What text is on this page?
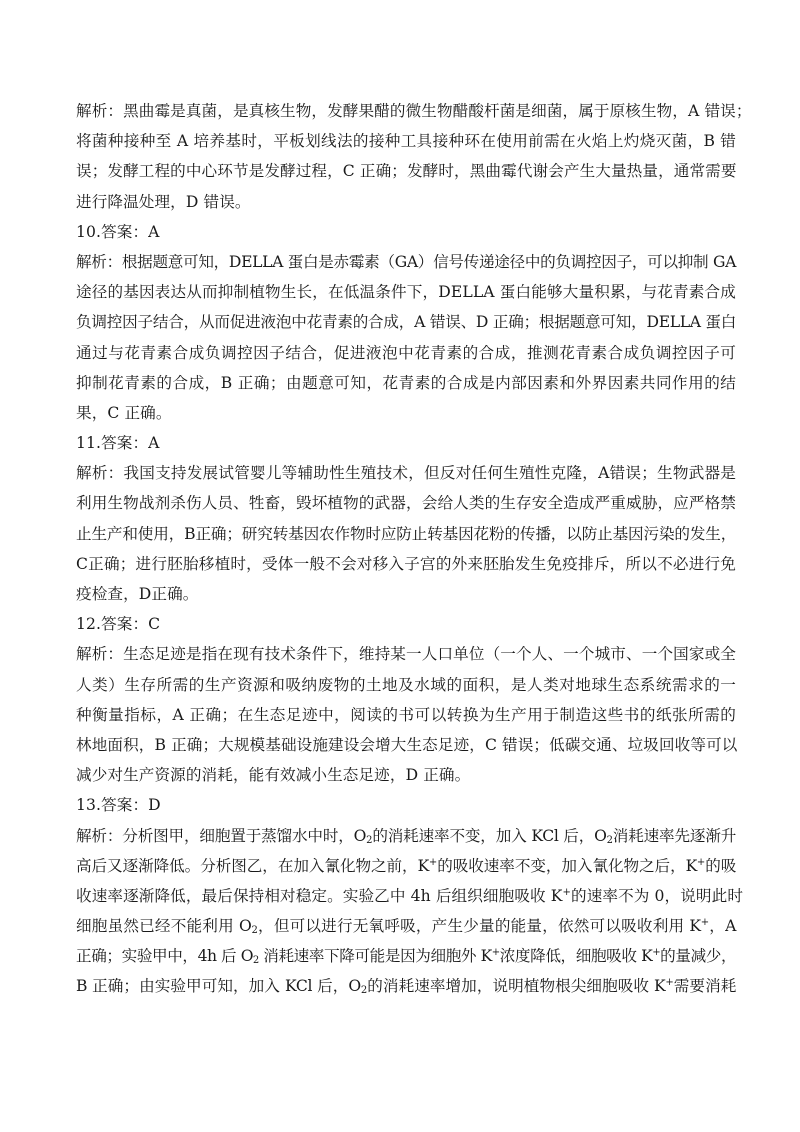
解析：黑曲霉是真菌，是真核生物，发酵果醋的微生物醋酸杆菌是细菌，属于原核生物，A 错误；
将菌种接种至 A 培养基时，平板划线法的接种工具接种环在使用前需在火焰上灼烧灭菌，B 错
误；发酵工程的中心环节是发酵过程，C 正确；发酵时，黑曲霉代谢会产生大量热量，通常需要
进行降温处理，D 错误。
10.答案：A
解析：根据题意可知，DELLA 蛋白是赤霉素（GA）信号传递途径中的负调控因子，可以抑制 GA
途径的基因表达从而抑制植物生长，在低温条件下，DELLA 蛋白能够大量积累，与花青素合成
负调控因子结合，从而促进液泡中花青素的合成，A 错误、D 正确；根据题意可知，DELLA 蛋白
通过与花青素合成负调控因子结合，促进液泡中花青素的合成，推测花青素合成负调控因子可
抑制花青素的合成，B 正确；由题意可知，花青素的合成是内部因素和外界因素共同作用的结
果，C 正确。
11.答案：A
解析：我国支持发展试管婴儿等辅助性生殖技术，但反对任何生殖性克隆，A错误；生物武器是
利用生物战剂杀伤人员、牲畜，毁坏植物的武器，会给人类的生存安全造成严重威胁，应严格禁
止生产和使用，B正确；研究转基因农作物时应防止转基因花粉的传播，以防止基因污染的发生，
C正确；进行胚胎移植时，受体一般不会对移入子宫的外来胚胎发生免疫排斥，所以不必进行免
疫检查，D正确。
12.答案：C
解析：生态足迹是指在现有技术条件下，维持某一人口单位（一个人、一个城市、一个国家或全
人类）生存所需的生产资源和吸纳废物的土地及水域的面积，是人类对地球生态系统需求的一
种衡量指标，A 正确；在生态足迹中，阅读的书可以转换为生产用于制造这些书的纸张所需的
林地面积，B 正确；大规模基础设施建设会增大生态足迹，C 错误；低碳交通、垃圾回收等可以
减少对生产资源的消耗，能有效减小生态足迹，D 正确。
13.答案：D
解析：分析图甲，细胞置于蒸馏水中时，$O_2$的消耗速率不变，加入 KCl 后，$O_2$消耗速率先逐渐升
高后又逐渐降低。分析图乙，在加入氰化物之前，K+的吸收速率不变，加入氰化物之后，K+的吸
收速率逐渐降低，最后保持相对稳定。实验乙中 4h 后组织细胞吸收 K+的速率不为 0，说明此时
细胞虽然已经不能利用 $O_2$，但可以进行无氧呼吸，产生少量的能量，依然可以吸收利用 K+，A
正确；实验甲中，4h 后 $O_2$ 消耗速率下降可能是因为细胞外 K+浓度降低，细胞吸收 K+的量减少，
B 正确；由实验甲可知，加入 KCl 后，$O_2$的消耗速率增加，说明植物根尖细胞吸收 K+需要消耗
